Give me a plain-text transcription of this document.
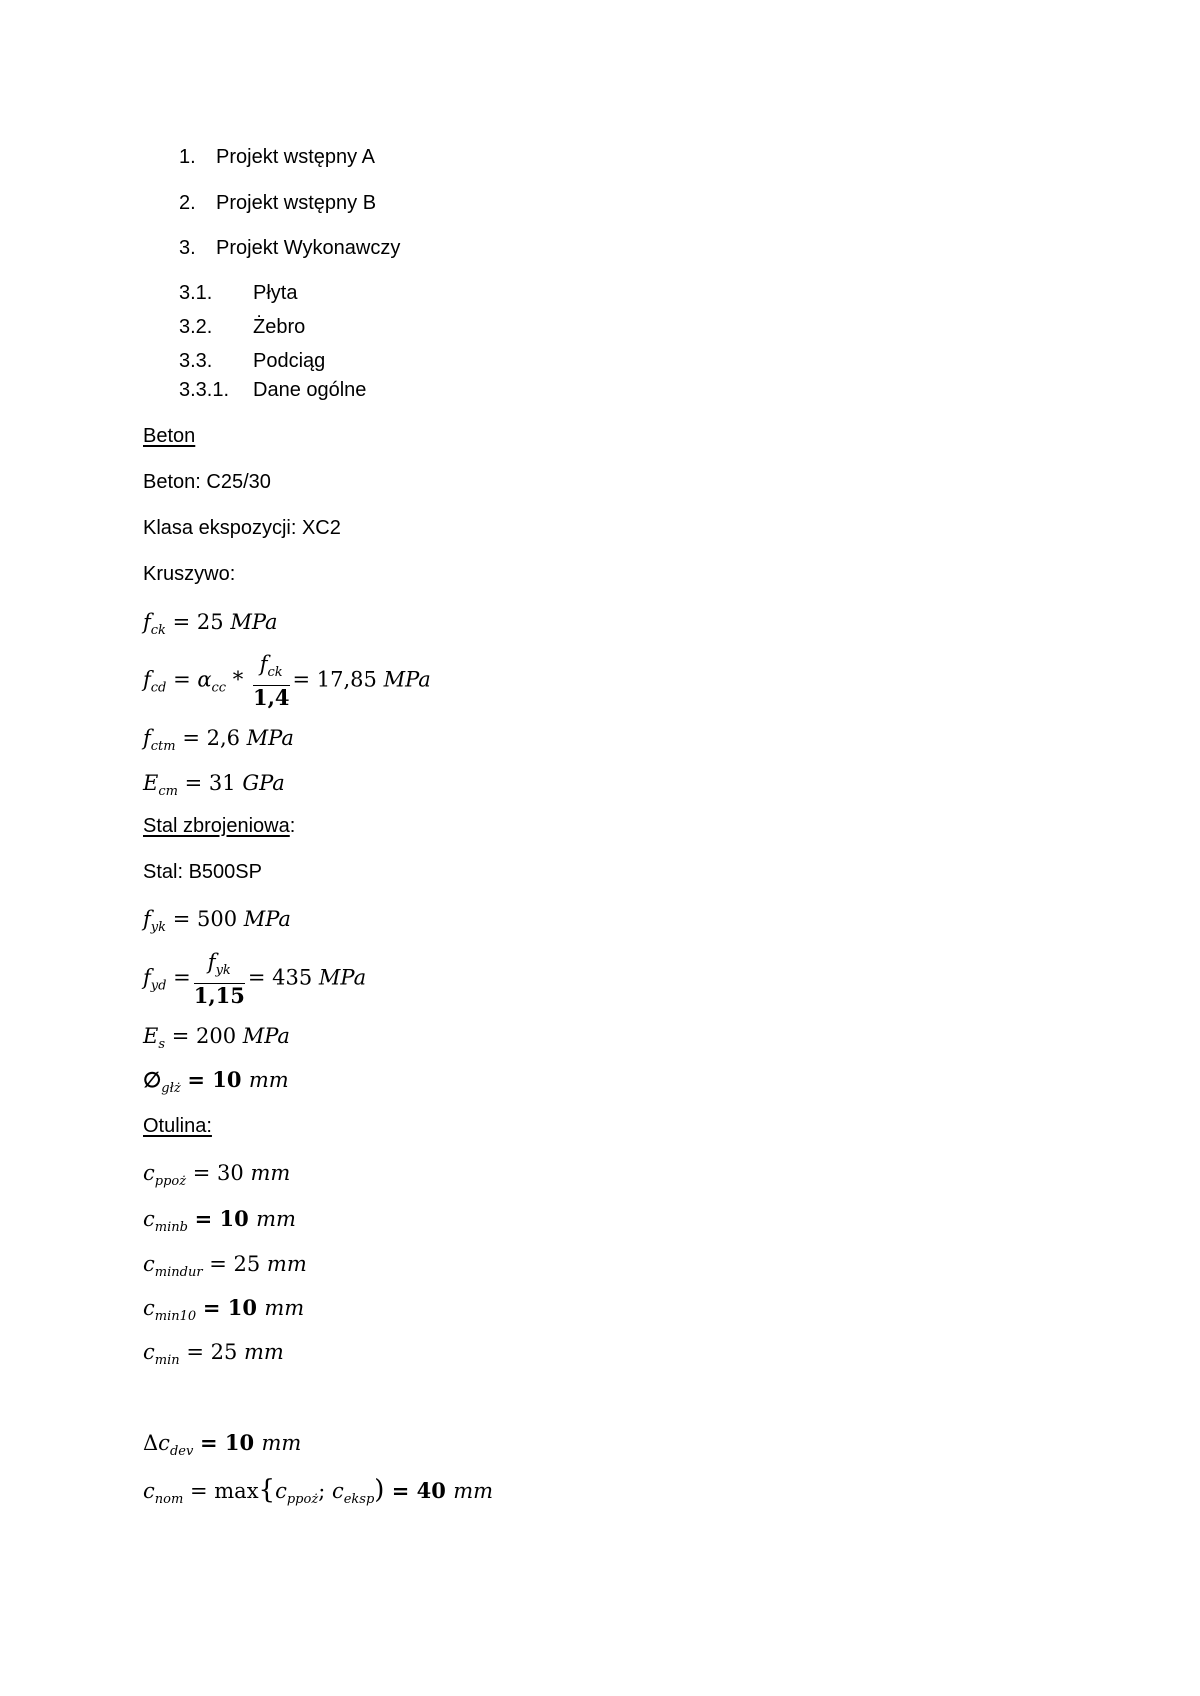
1. Projekt wstępny A
2. Projekt wstępny B
3. Projekt Wykonawczy
3.1. Płyta
3.2. Żebro
3.3. Podciąg
3.3.1. Dane ogólne
Beton
Beton: C25/30
Klasa ekspozycji: XC2
Kruszywo:
$f_{ck} = 25$ MPa
$f_{cd} = \alpha_{cc} * \frac{f_{ck}}{1,4} = 17,85$ MPa
$f_{ctm} = 2,6$ MPa
$E_{cm} = 31$ GPa
Stal zbrojeniowa:
Stal: B500SP
$f_{yk} = 500$ MPa
$f_{yd} = \frac{f_{yk}}{1,15} = 435$ MPa
$E_s = 200$ MPa
$\emptyset_{głż} = 10$ mm
Otulina:
$c_{ppoż} = 30$ mm
$c_{minb} = 10$ mm
$c_{mindur} = 25$ mm
$c_{min10} = 10$ mm
$c_{min} = 25$ mm
$\Delta c_{dev} = 10$ mm
$c_{nom} = \max\{c_{ppoż}$; $c_{eksp}) = 40$ mm
